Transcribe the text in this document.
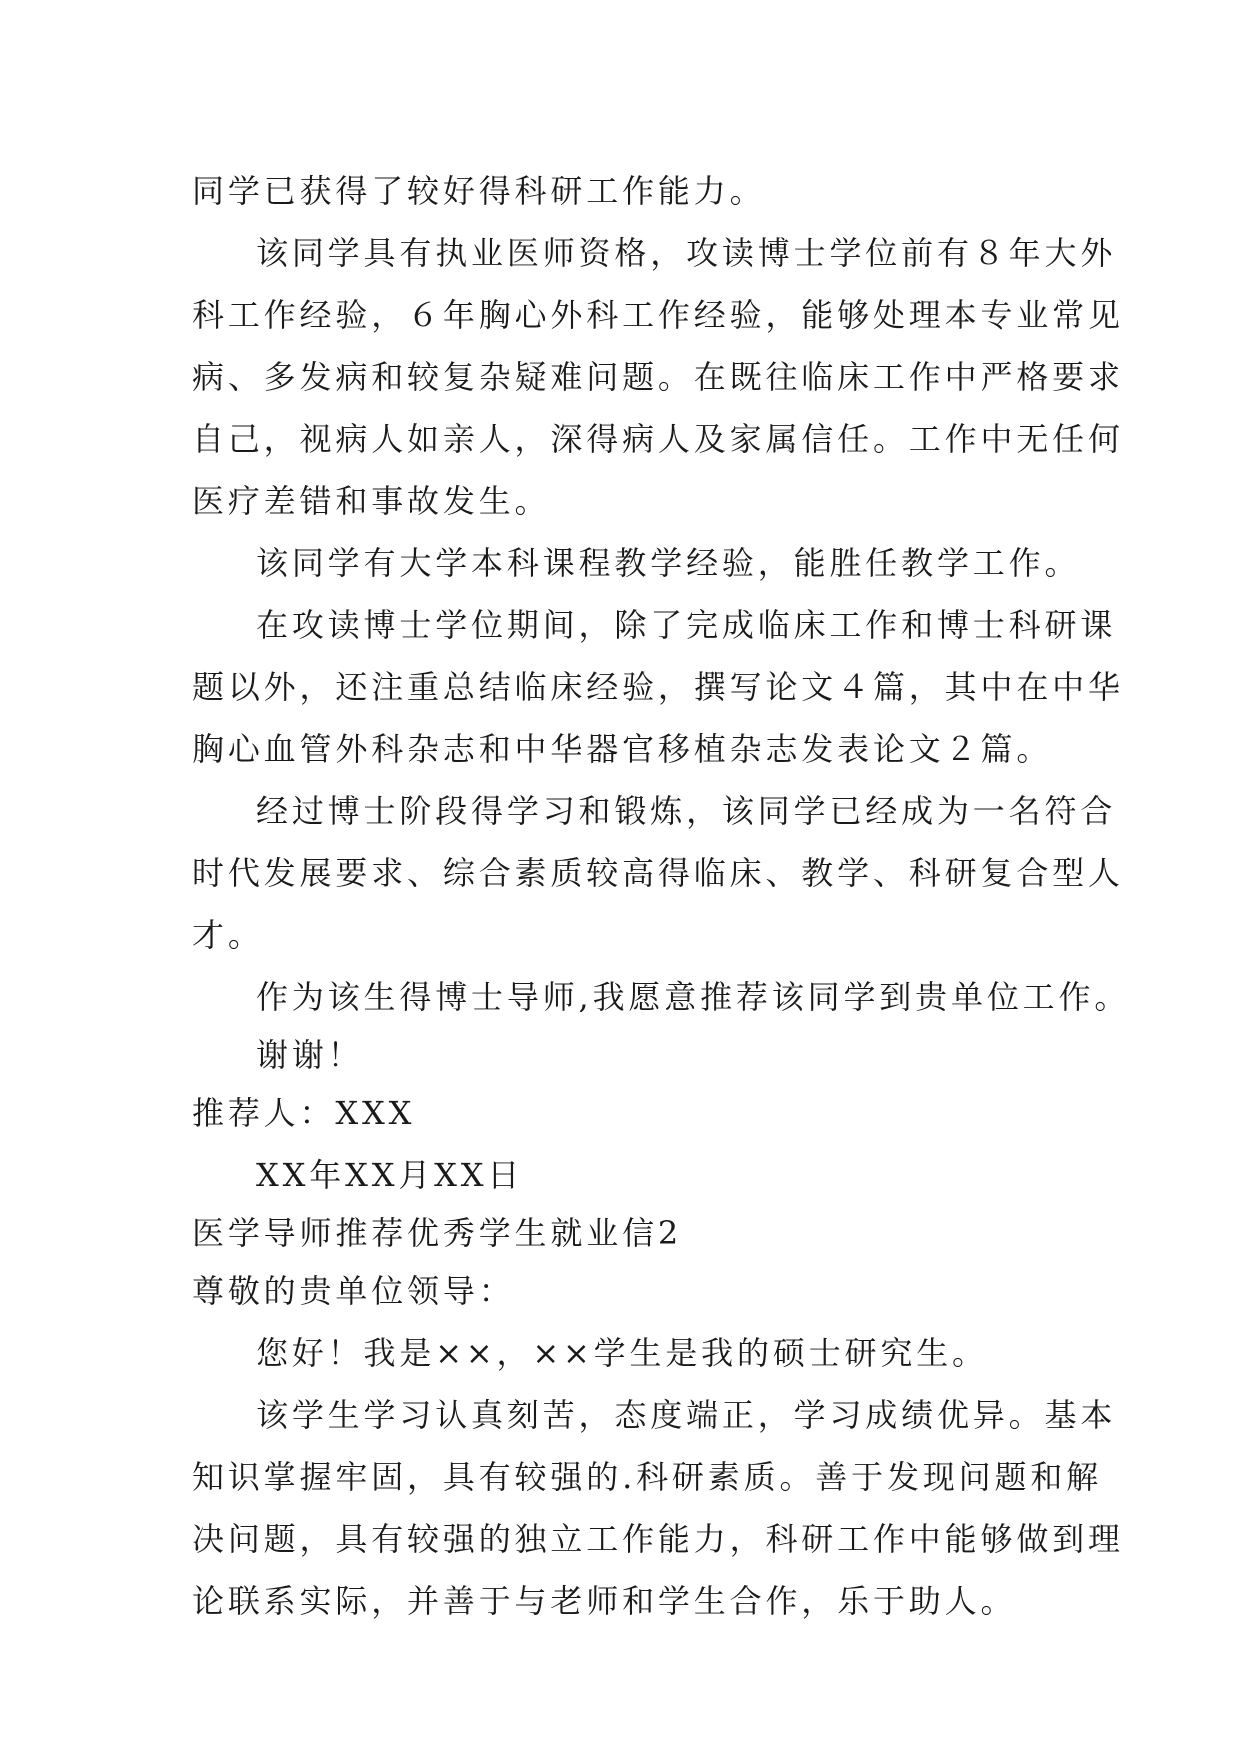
同学已获得了较好得科研工作能力。
该同学具有执业医师资格，攻读博士学位前有８年大外
科工作经验，６年胸心外科工作经验，能够处理本专业常见
病、多发病和较复杂疑难问题。在既往临床工作中严格要求
自己，视病人如亲人，深得病人及家属信任。工作中无任何
医疗差错和事故发生。
该同学有大学本科课程教学经验，能胜任教学工作。
在攻读博士学位期间，除了完成临床工作和博士科研课
题以外，还注重总结临床经验，撰写论文４篇，其中在中华
胸心血管外科杂志和中华器官移植杂志发表论文２篇。
经过博士阶段得学习和锻炼，该同学已经成为一名符合
时代发展要求、综合素质较高得临床、教学、科研复合型人
才。
作为该生得博士导师,我愿意推荐该同学到贵单位工作。
谢谢！
推荐人：XXX
XX年XX月XX日
医学导师推荐优秀学生就业信2
尊敬的贵单位领导：
您好！我是××，××学生是我的硕士研究生。
该学生学习认真刻苦，态度端正，学习成绩优异。基本
知识掌握牢固，具有较强的.科研素质。善于发现问题和解
决问题，具有较强的独立工作能力，科研工作中能够做到理
论联系实际，并善于与老师和学生合作，乐于助人。
